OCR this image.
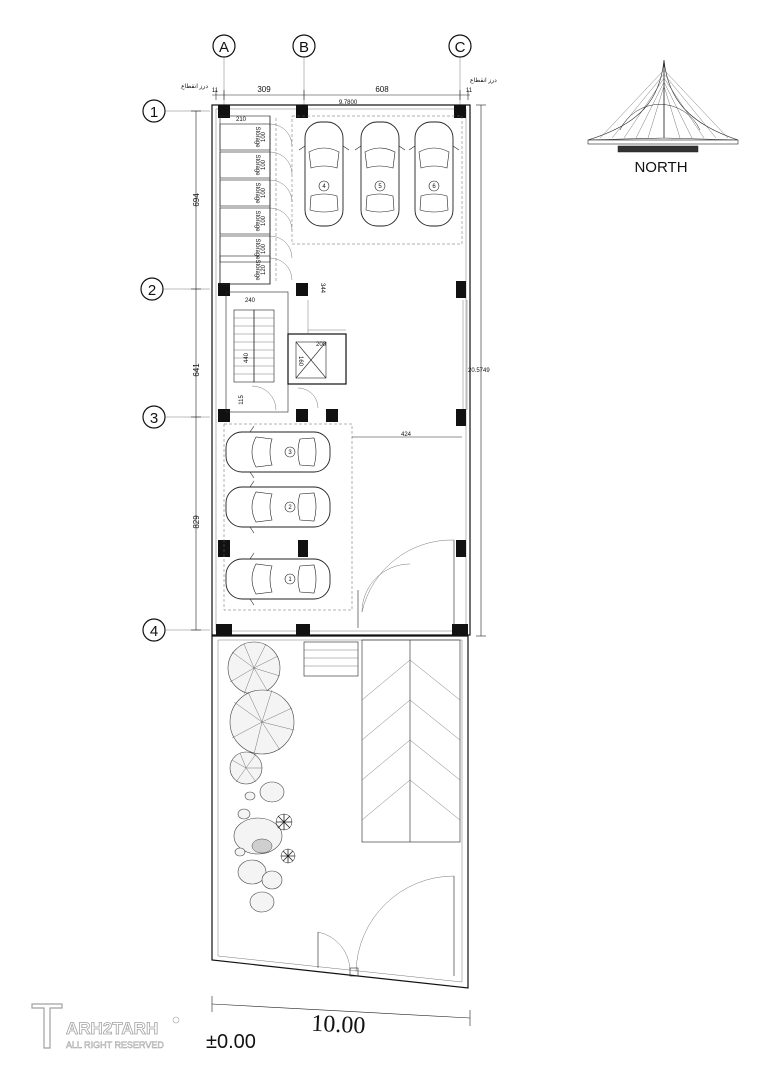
A	B	C
1
2
3
4
11	309	608
9.7800
11
درز انقطاع
درز انقطاع
694
641
829
20.5749
210
Storage 100
Storage 100
Storage 100
Storage 100
Storage 100
Storage 120
4	5	6
240
440
115
344
200
160
424
3
2
1
10.00
±0.00
NORTH
ARH2TARH
ALL RIGHT RESERVED
